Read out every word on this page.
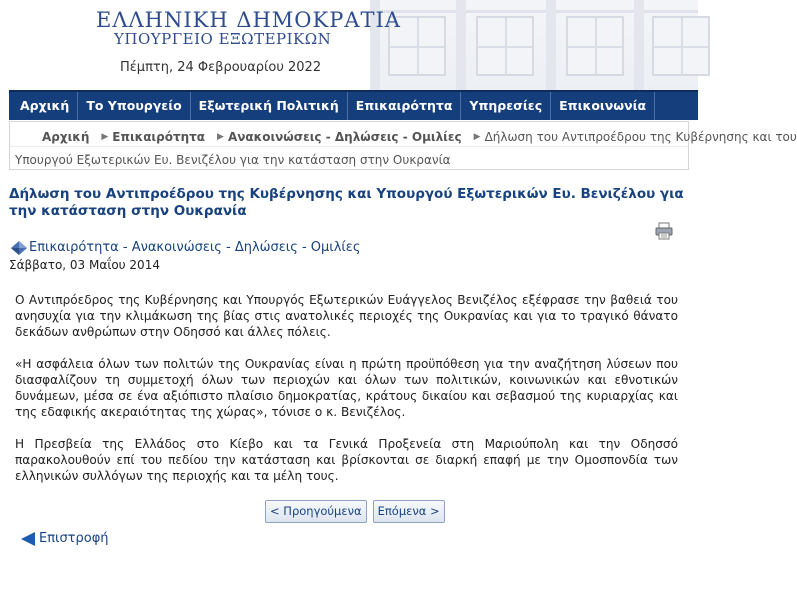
ΕΛΛΗΝΙΚΗ ΔΗΜΟΚΡΑΤΙΑ
ΥΠΟΥΡΓΕΙΟ ΕΞΩΤΕΡΙΚΩΝ
Πέμπτη, 24 Φεβρουαρίου 2022
Αρχική	Το Υπουργείο	Εξωτερική Πολιτική	Επικαιρότητα	Υπηρεσίες	Επικοινωνία
Αρχική ▶ Επικαιρότητα ▶ Ανακοινώσεις - Δηλώσεις - Ομιλίες ▶ Δήλωση του Αντιπροέδρου της Κυβέρνησης και του
Υπουργού Εξωτερικών Ευ. Βενιζέλου για την κατάσταση στην Ουκρανία
Δήλωση του Αντιπροέδρου της Κυβέρνησης και Υπουργού Εξωτερικών Ευ. Βενιζέλου για την κατάσταση στην Ουκρανία
Επικαιρότητα - Ανακοινώσεις - Δηλώσεις - Ομιλίες
Σάββατο, 03 Μαΐου 2014

Ο Αντιπρόεδρος της Κυβέρνησης και Υπουργός Εξωτερικών Ευάγγελος Βενιζέλος εξέφρασε την βαθειά του ανησυχία για την κλιμάκωση της βίας στις ανατολικές περιοχές της Ουκρανίας και για το τραγικό θάνατο δεκάδων ανθρώπων στην Οδησσό και άλλες πόλεις.

«Η ασφάλεια όλων των πολιτών της Ουκρανίας είναι η πρώτη προϋπόθεση για την αναζήτηση λύσεων που διασφαλίζουν τη συμμετοχή όλων των περιοχών και όλων των πολιτικών, κοινωνικών και εθνοτικών δυνάμεων, μέσα σε ένα αξιόπιστο πλαίσιο δημοκρατίας, κράτους δικαίου και σεβασμού της κυριαρχίας και της εδαφικής ακεραιότητας της χώρας», τόνισε ο κ. Βενιζέλος.

Η Πρεσβεία της Ελλάδος στο Κίεβο και τα Γενικά Προξενεία στη Μαριούπολη και την Οδησσό παρακολουθούν επί του πεδίου την κατάσταση και βρίσκονται σε διαρκή επαφή με την Ομοσπονδία των ελληνικών συλλόγων της περιοχής και τα μέλη τους.

< Προηγούμενα	Επόμενα >
Επιστροφή
